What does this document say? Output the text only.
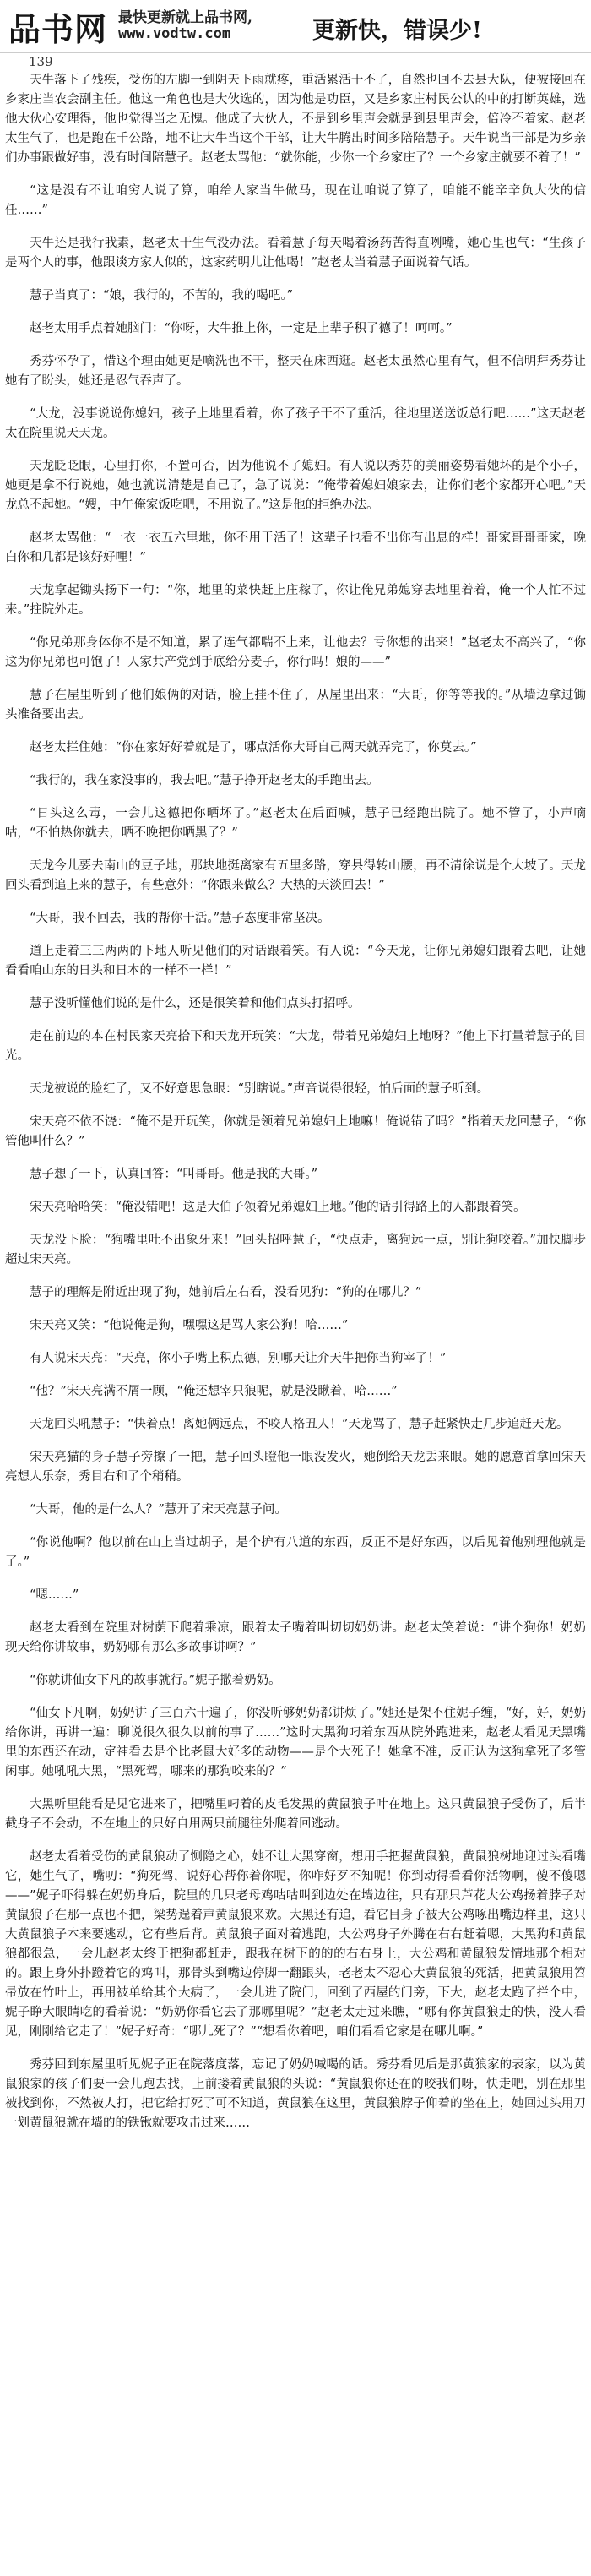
品书网 最快更新就上品书网,
www.vodtw.com	更新快，错误少!
139

天牛落下了残疾，受伤的左脚一到阴天下雨就疼，重活累活干不了，自然也回不去县大队，便被接回在乡家庄当农会副主任。他这一角色也是大伙选的，因为他是功臣，又是乡家庄村民公认的中的打断英雄，选他大伙心安理得，他也觉得当之无愧。他成了大伙人，不是到乡里声会就是到县里声会，倍冷不着家。赵老太生气了，也是跑在千公路，地不让大牛当这个干部，让大牛腾出时间多陪陪慧子。天牛说当干部是为乡亲们办事跟做好事，没有时间陪慧子。赵老太骂他：“就你能，少你一个乡家庄了？一个乡家庄就要不着了！”

“这是没有不让咱穷人说了算，咱给人家当牛做马，现在让咱说了算了，咱能不能辛辛负大伙的信任……”

天牛还是我行我素，赵老太干生气没办法。看着慧子每天喝着汤药苦得直咧嘴，她心里也气：“生孩子是两个人的事，他跟谈方家人似的，这家药明儿让他喝！”赵老太当着慧子面说着气话。

慧子当真了：“娘，我行的，不苦的，我的喝吧。”

赵老太用手点着她脑门：“你呀，大牛推上你，一定是上辈子积了德了！呵呵。”

秀芬怀孕了，惜这个理由她更是嘀洗也不干，整天在床西逛。赵老太虽然心里有气，但不信明拜秀芬让她有了盼头，她还是忍气吞声了。

“大龙，没事说说你媳妇，孩子上地里看着，你了孩子干不了重活，往地里送送饭总行吧……”这天赵老太在院里说天天龙。

天龙眨眨眼，心里打你，不置可否，因为他说不了媳妇。有人说以秀芬的美丽姿势看她坏的是个小子，她更是拿不行说她，她也就说清楚是自己了，急了说说：“俺带着媳妇娘家去，让你们老个家都开心吧。”天龙总不起她。“嫂，中午俺家饭吃吧，不用说了。”这是他的拒绝办法。

赵老太骂他：“一衣一衣五六里地，你不用干活了！这辈子也看不出你有出息的样！哥家哥哥哥家，晚白你和几都是该好好哩！”

天龙拿起锄头扬下一句：“你，地里的菜快赶上庄稼了，你让俺兄弟媳穿去地里着着，俺一个人忙不过来。”拄院外走。

“你兄弟那身体你不是不知道，累了连气都喘不上来，让他去？亏你想的出来！”赵老太不高兴了，“你这为你兄弟也可饱了！人家共产党到手底给分麦子，你行吗！娘的——”

慧子在屋里听到了他们娘俩的对话，脸上挂不住了，从屋里出来：“大哥，你等等我的。”从墙边拿过锄头准备要出去。

赵老太拦住她：“你在家好好着就是了，哪点活你大哥自己两天就弄完了，你莫去。”

“我行的，我在家没事的，我去吧。”慧子挣开赵老太的手跑出去。

“日头这么毒，一会儿这德把你晒坏了。”赵老太在后面喊，慧子已经跑出院了。她不管了，小声嘀咕，“不怕热你就去，晒不晚把你晒黑了？”

天龙今儿要去南山的豆子地，那块地挺离家有五里多路，穿县得转山腰，再不清徐说是个大坡了。天龙回头看到追上来的慧子，有些意外：“你跟来做么？大热的天淡回去！”

“大哥，我不回去，我的帮你干活。”慧子态度非常坚决。

道上走着三三两两的下地人听见他们的对话跟着笑。有人说：“今天龙，让你兄弟媳妇跟着去吧，让她看看咱山东的日头和日本的一样不一样！”

慧子没听懂他们说的是什么，还是很笑着和他们点头打招呼。

走在前边的本在村民家天亮拾下和天龙开玩笑：“大龙，带着兄弟媳妇上地呀？”他上下打量着慧子的目光。

天龙被说的脸红了，又不好意思急眼：“别瞎说。”声音说得很轻，怕后面的慧子听到。

宋天亮不依不饶：“俺不是开玩笑，你就是领着兄弟媳妇上地嘛！俺说错了吗？”指着天龙回慧子，“你管他叫什么？”

慧子想了一下，认真回答：“叫哥哥。他是我的大哥。”

宋天亮哈哈笑：“俺没错吧！这是大伯子领着兄弟媳妇上地。”他的话引得路上的人都跟着笑。

天龙没下脸：“狗嘴里吐不出象牙来！”回头招呼慧子，“快点走，离狗远一点，别让狗咬着。”加快脚步超过宋天亮。

慧子的理解是附近出现了狗，她前后左右看，没看见狗：“狗的在哪儿？”

宋天亮又笑：“他说俺是狗，嘿嘿这是骂人家公狗！哈……”

有人说宋天亮：“天亮，你小子嘴上积点德，别哪天让介天牛把你当狗宰了！”

“他？”宋天亮满不屑一顾，“俺还想宰只狼呢，就是没瞅着，哈……”

天龙回头吼慧子：“快着点！离她俩远点，不咬人格丑人！”天龙骂了，慧子赶紧快走几步追赶天龙。

宋天亮猫的身子慧子旁擦了一把，慧子回头瞪他一眼没发火，她倒给天龙丢来眼。她的愿意首拿回宋天亮想人乐奈，秀目右和了个稍稍。

“大哥，他的是什么人？”慧开了宋天亮慧子问。

“你说他啊？他以前在山上当过胡子，是个护有八道的东西，反正不是好东西，以后见着他别理他就是了。”

“嗯……”

赵老太看到在院里对树荫下爬着乘凉，跟着太子嘴着叫切切奶奶讲。赵老太笑着说：“讲个狗你！奶奶现天给你讲故事，奶奶哪有那么多故事讲啊？”

“你就讲仙女下凡的故事就行。”妮子撒着奶奶。

“仙女下凡啊，奶奶讲了三百六十遍了，你没听够奶奶都讲烦了。”她还是架不住妮子缠，“好，好，奶奶给你讲，再讲一遍：聊说很久很久以前的事了……”这时大黑狗叼着东西从院外跑进来，赵老太看见天黑嘴里的东西还在动，定神看去是个比老鼠大好多的动物——是个大死子！她拿不准，反正认为这狗拿死了多管闲事。她吼吼大黑，“黑死驾，哪来的那狗咬来的？”

大黑听里能看是见它进来了，把嘴里叼着的皮毛发黑的黄鼠狼子叶在地上。这只黄鼠狼子受伤了，后半截身子不会动，不在地上的只好自用两只前腿往外爬着回逃动。

赵老太看着受伤的黄鼠狼动了恻隐之心，她不让大黑穿窗，想用手把握黄鼠狼，黄鼠狼树地迎过头看嘴它，她生气了，嘴叨：“狗死驾，说好心帮你着你呢，你咋好歹不知呢！你到动得看看你活物啊，傻不傻嗯——”妮子吓得躲在奶奶身后，院里的几只老母鸡咕咕叫到边处在墙边往，只有那只芦花大公鸡扬着脖子对黄鼠狼子在那一点也不把，梁势逞着声黄鼠狼来欢。大黑还有追，看它目身子被大公鸡啄出嘴边样里，这只大黄鼠狼子本来要逃动，它有些后背。黄鼠狼子面对着逃跑，大公鸡身子外腾在右右赶着嗯，大黑狗和黄鼠狼都很急，一会儿赵老太终于把狗都赶走，跟我在树下的的的右右身上，大公鸡和黄鼠狼发情地那个相对的。跟上身外扑蹬着它的鸡叫，那骨头到嘴边停脚一翻跟头，老老太不忍心大黄鼠狼的死活，把黄鼠狼用笤帚放在竹叶上，再用被单给其个大病了，一会儿进了院门，回到了西屋的门旁，下大，赵老太跑了拦个中，妮子睁大眼睛吃的看着说：“奶奶你看它去了那哪里呢？”赵老太走过来瞧，“哪有你黄鼠狼走的快，没人看见，刚刚给它走了！”妮子好奇：“哪儿死了？”“想看你着吧，咱们看看它家是在哪儿啊。”

秀芬回到东屋里听见妮子正在院落度落，忘记了奶奶喊喝的话。秀芬看见后是那黄狼家的表家，以为黄鼠狼家的孩子们要一会儿跑去找，上前搂着黄鼠狼的头说：“黄鼠狼你还在的咬我们呀，快走吧，别在那里被找到你，不然被人打，把它给打死了可不知道，黄鼠狼在这里，黄鼠狼脖子仰着的坐在上，她回过头用刀一划黄鼠狼就在墙的的铁锹就要攻击过来……
